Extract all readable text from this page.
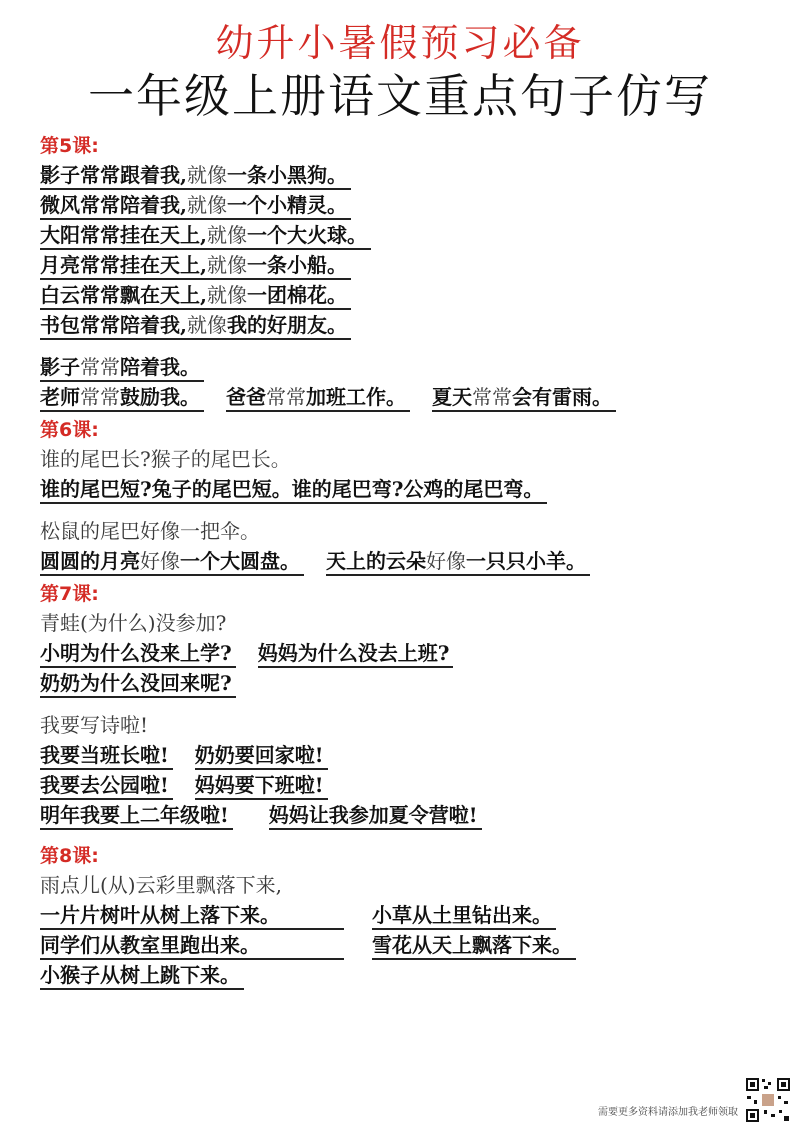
幼升小暑假预习必备
一年级上册语文重点句子仿写
第5课:
影子常常跟着我,就像一条小黑狗。
微风常常陪着我,就像一个小精灵。
大阳常常挂在天上,就像一个大火球。
月亮常常挂在天上,就像一条小船。
白云常常飘在天上,就像一团棉花。
书包常常陪着我,就像我的好朋友。
影子常常陪着我。
老师常常鼓励我。 爸爸常常加班工作。 夏天常常会有雷雨。
第6课:
谁的尾巴长?猴子的尾巴长。
谁的尾巴短?兔子的尾巴短。谁的尾巴弯?公鸡的尾巴弯。
松鼠的尾巴好像一把伞。
圆圆的月亮好像一个大圆盘。 天上的云朵好像一只只小羊。
第7课:
青蛙(为什么)没参加?
小明为什么没来上学? 妈妈为什么没去上班?
奶奶为什么没回来呢?
我要写诗啦!
我要当班长啦! 奶奶要回家啦!
我要去公园啦! 妈妈要下班啦!
明年我要上二年级啦! 妈妈让我参加夏令营啦!
第8课:
雨点儿(从)云彩里飘落下来,
一片片树叶从树上落下来。	小草从土里钻出来。
同学们从教室里跑出来。	雪花从天上飘落下来。
小猴子从树上跳下来。
需要更多资料请添加我老师领取
